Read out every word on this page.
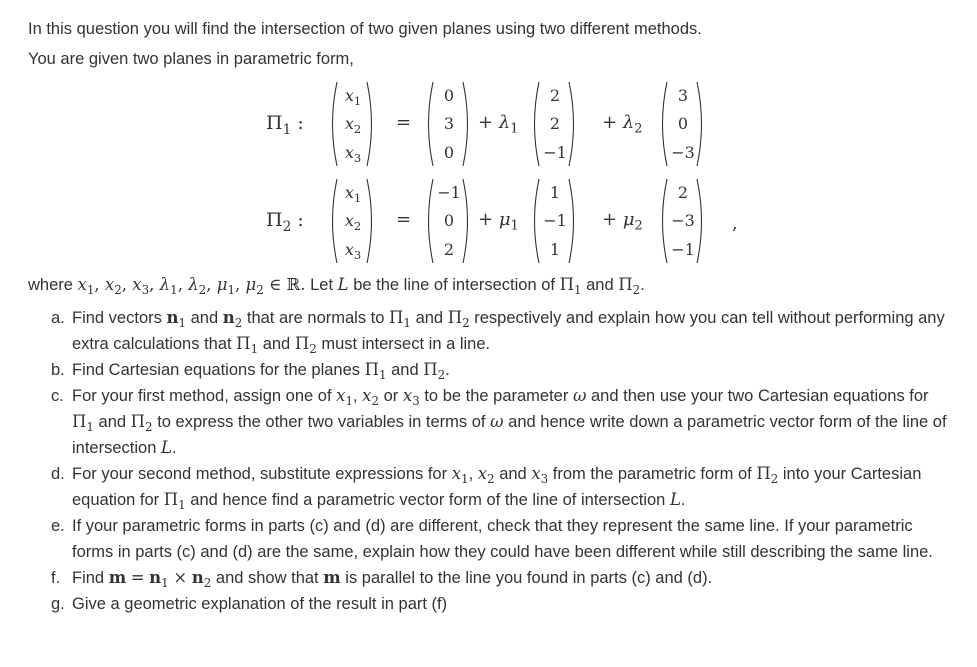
In this question you will find the intersection of two given planes using two different methods.
You are given two planes in parametric form,
$\Pi_1$ :
$x_1$
$x_2$
$x_3$
=
0
3
0
+ $\lambda_1$
2
2
−1
+ $\lambda_2$
3
0
−3
$\Pi_2$ :
$x_1$
$x_2$
$x_3$
=
−1
0
2
+ $\mu_1$
1
−1
1
+ $\mu_2$
2
−3
−1
,
where $x_1$, $x_2$, $x_3$, $\lambda_1$, $\lambda_2$, $\mu_1$, $\mu_2$ ∈ ℝ. Let L be the line of intersection of $\Pi_1$ and $\Pi_2$.
a. Find vectors $n_1$ and $n_2$ that are normals to $\Pi_1$ and $\Pi_2$ respectively and explain how you can tell without performing any extra calculations that $\Pi_1$ and $\Pi_2$ must intersect in a line.
b. Find Cartesian equations for the planes $\Pi_1$ and $\Pi_2$.
c. For your first method, assign one of $x_1$, $x_2$ or $x_3$ to be the parameter ω and then use your two Cartesian equations for $\Pi_1$ and $\Pi_2$ to express the other two variables in terms of ω and hence write down a parametric vector form of the line of intersection L.
d. For your second method, substitute expressions for $x_1$, $x_2$ and $x_3$ from the parametric form of $\Pi_2$ into your Cartesian equation for $\Pi_1$ and hence find a parametric vector form of the line of intersection L.
e. If your parametric forms in parts (c) and (d) are different, check that they represent the same line. If your parametric forms in parts (c) and (d) are the same, explain how they could have been different while still describing the same line.
f. Find $m = n_1 \times n_2$ and show that m is parallel to the line you found in parts (c) and (d).
g. Give a geometric explanation of the result in part (f)
